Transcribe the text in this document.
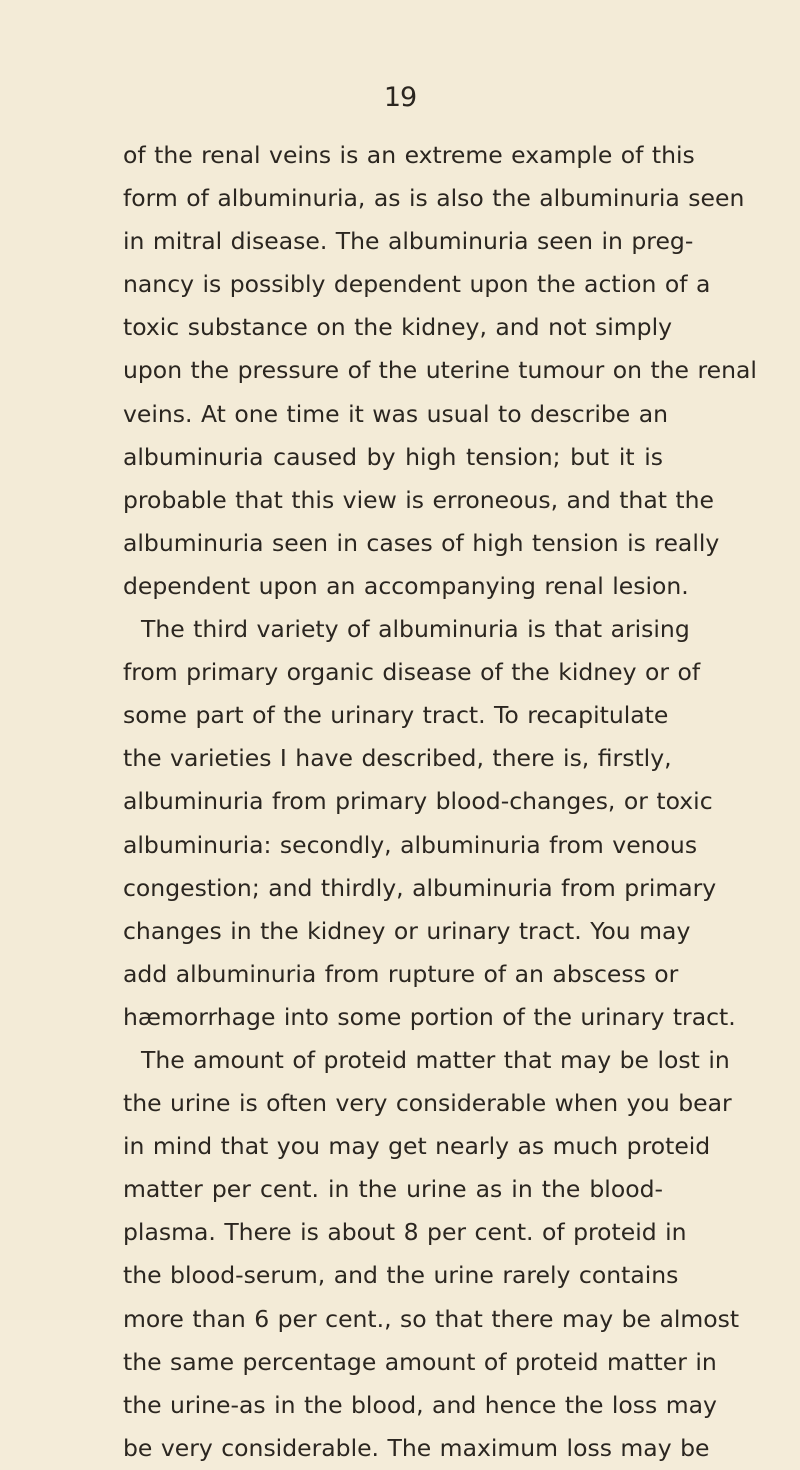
19
of the renal veins is an extreme example of this
form of albuminuria, as is also the albuminuria seen
in mitral disease. The albuminuria seen in preg-
nancy is possibly dependent upon the action of a
toxic substance on the kidney, and not simply
upon the pressure of the uterine tumour on the renal
veins. At one time it was usual to describe an
albuminuria caused by high tension; but it is
probable that this view is erroneous, and that the
albuminuria seen in cases of high tension is really
dependent upon an accompanying renal lesion.
The third variety of albuminuria is that arising
from primary organic disease of the kidney or of
some part of the urinary tract. To recapitulate
the varieties I have described, there is, firstly,
albuminuria from primary blood-changes, or toxic
albuminuria: secondly, albuminuria from venous
congestion; and thirdly, albuminuria from primary
changes in the kidney or urinary tract. You may
add albuminuria from rupture of an abscess or
hæmorrhage into some portion of the urinary tract.
The amount of proteid matter that may be lost in
the urine is often very considerable when you bear
in mind that you may get nearly as much proteid
matter per cent. in the urine as in the blood-
plasma. There is about 8 per cent. of proteid in
the blood-serum, and the urine rarely contains
more than 6 per cent., so that there may be almost
the same percentage amount of proteid matter in
the urine-as in the blood, and hence the loss may
be very considerable. The maximum loss may be
